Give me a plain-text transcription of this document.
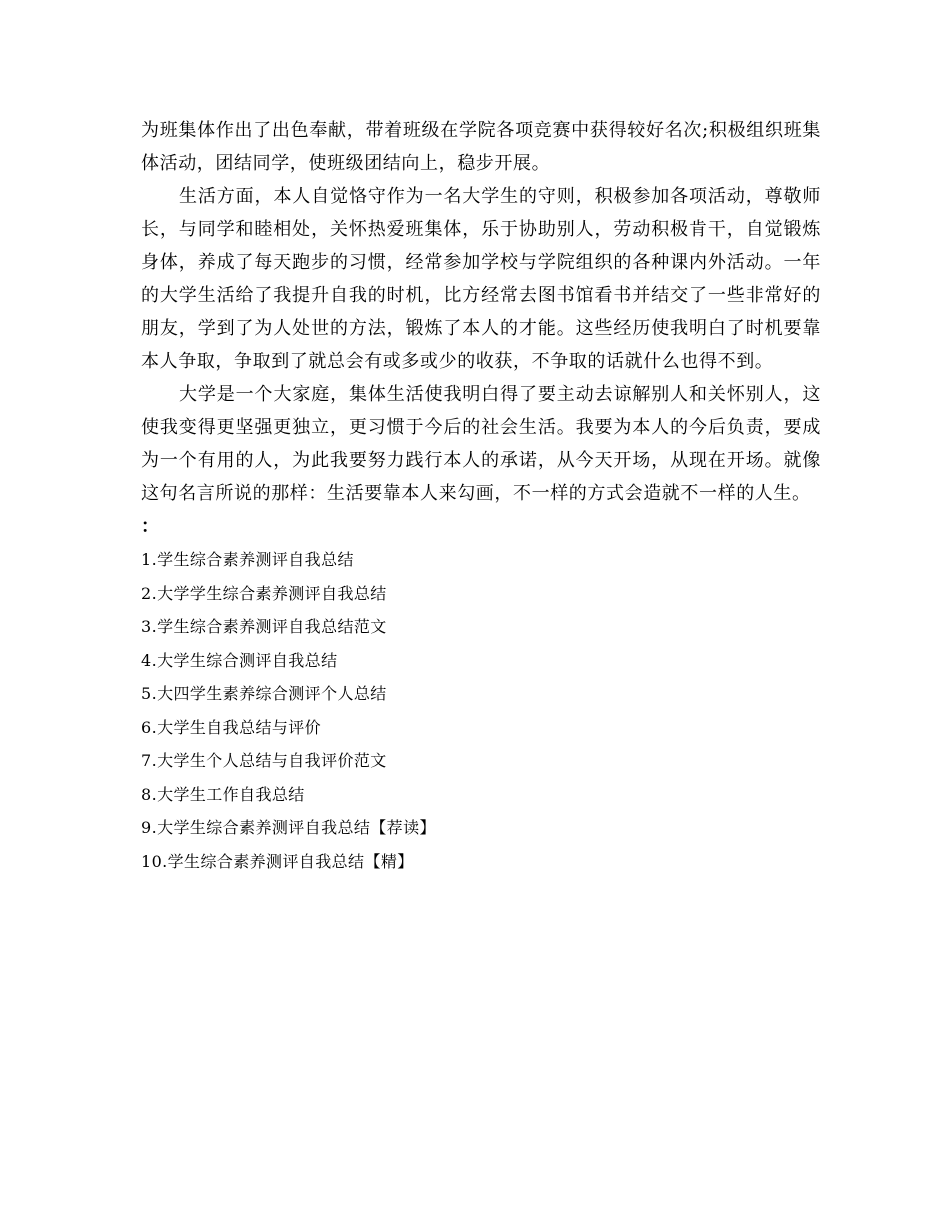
为班集体作出了出色奉献，带着班级在学院各项竞赛中获得较好名次;积极组织班集体活动，团结同学，使班级团结向上，稳步开展。

生活方面，本人自觉恪守作为一名大学生的守则，积极参加各项活动，尊敬师长，与同学和睦相处，关怀热爱班集体，乐于协助别人，劳动积极肯干，自觉锻炼身体，养成了每天跑步的习惯，经常参加学校与学院组织的各种课内外活动。一年的大学生活给了我提升自我的时机，比方经常去图书馆看书并结交了一些非常好的朋友，学到了为人处世的方法，锻炼了本人的才能。这些经历使我明白了时机要靠本人争取，争取到了就总会有或多或少的收获，不争取的话就什么也得不到。

大学是一个大家庭，集体生活使我明白得了要主动去谅解别人和关怀别人，这使我变得更坚强更独立，更习惯于今后的社会生活。我要为本人的今后负责，要成为一个有用的人，为此我要努力践行本人的承诺，从今天开场，从现在开场。就像这句名言所说的那样：生活要靠本人来勾画，不一样的方式会造就不一样的人生。

：

1.学生综合素养测评自我总结
2.大学学生综合素养测评自我总结
3.学生综合素养测评自我总结范文
4.大学生综合测评自我总结
5.大四学生素养综合测评个人总结
6.大学生自我总结与评价
7.大学生个人总结与自我评价范文
8.大学生工作自我总结
9.大学生综合素养测评自我总结【荐读】
10.学生综合素养测评自我总结【精】
